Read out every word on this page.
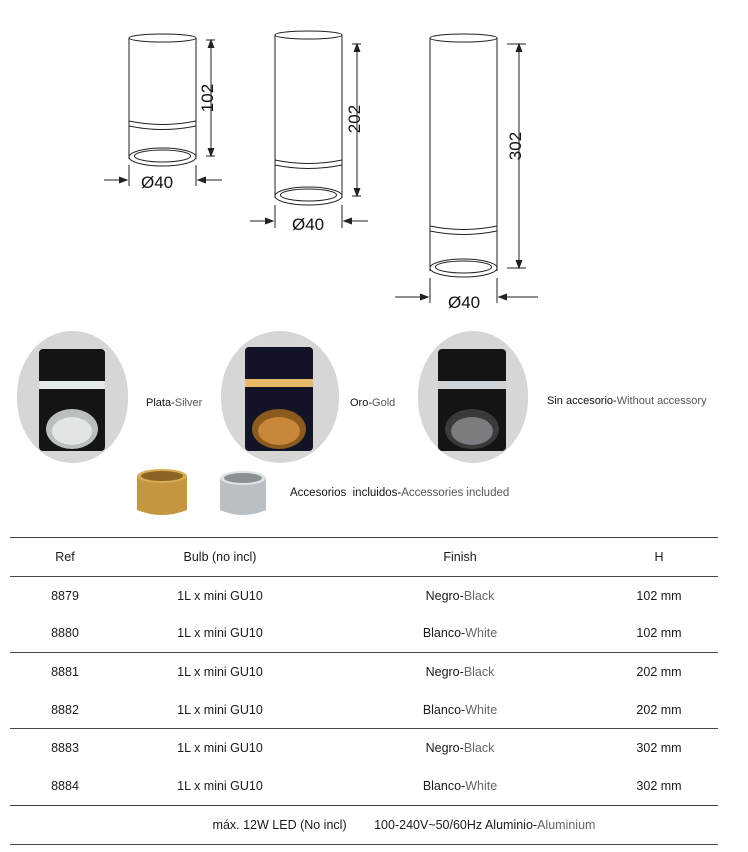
102
Ø40
202
Ø40
302
Ø40
Plata-Silver	Oro-Gold	Sin accesorio-Without accessory
Accesorios  incluidos-Accessories included
Ref	Bulb (no incl)	Finish	H
8879	1L x mini GU10	Negro-Black	102 mm
8880	1L x mini GU10	Blanco-White	102 mm
8881	1L x mini GU10	Negro-Black	202 mm
8882	1L x mini GU10	Blanco-White	202 mm
8883	1L x mini GU10	Negro-Black	302 mm
8884	1L x mini GU10	Blanco-White	302 mm
máx. 12W LED (No incl) 100-240V~50/60Hz Aluminio-Aluminium			
